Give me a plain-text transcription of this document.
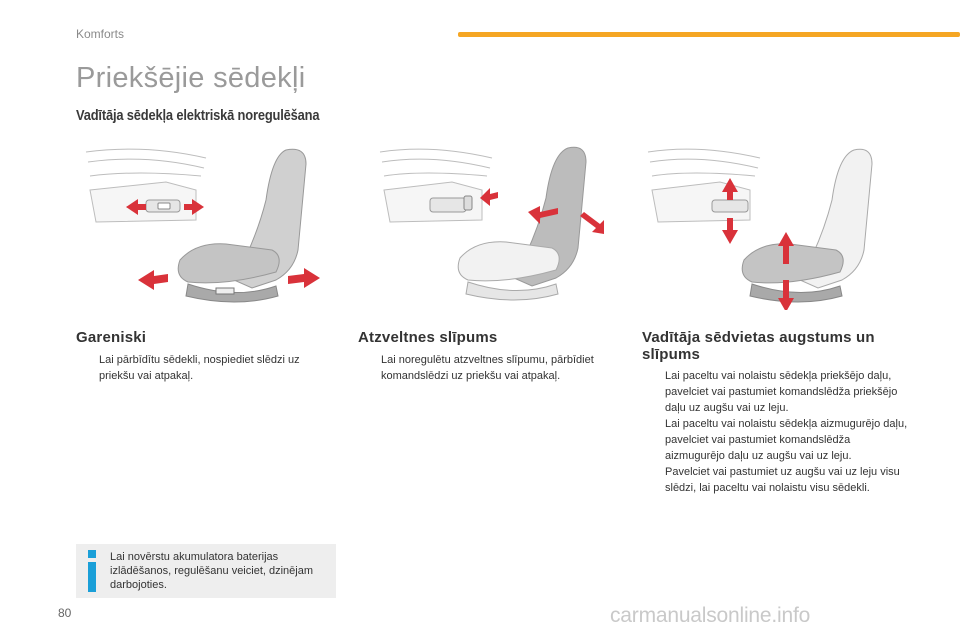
Komforts
Priekšējie sēdekļi
Vadītāja sēdekļa elektriskā noregulēšana
Gareniski
Lai pārbīdītu sēdekli, nospiediet slēdzi uz priekšu vai atpakaļ.
Atzveltnes slīpums
Lai noregulētu atzveltnes slīpumu, pārbīdiet komandslēdzi uz priekšu vai atpakaļ.
Vadītāja sēdvietas augstums un slīpums
Lai paceltu vai nolaistu sēdekļa priekšējo daļu, pavelciet vai pastumiet komandslēdža priekšējo daļu uz augšu vai uz leju.
Lai paceltu vai nolaistu sēdekļa aizmugurējo daļu, pavelciet vai pastumiet komandslēdža aizmugurējo daļu uz augšu vai uz leju.
Pavelciet vai pastumiet uz augšu vai uz leju visu slēdzi, lai paceltu vai nolaistu visu sēdekli.
Lai novērstu akumulatora baterijas izlādēšanos, regulēšanu veiciet, dzinējam darbojoties.
80	carmanualsonline.info
